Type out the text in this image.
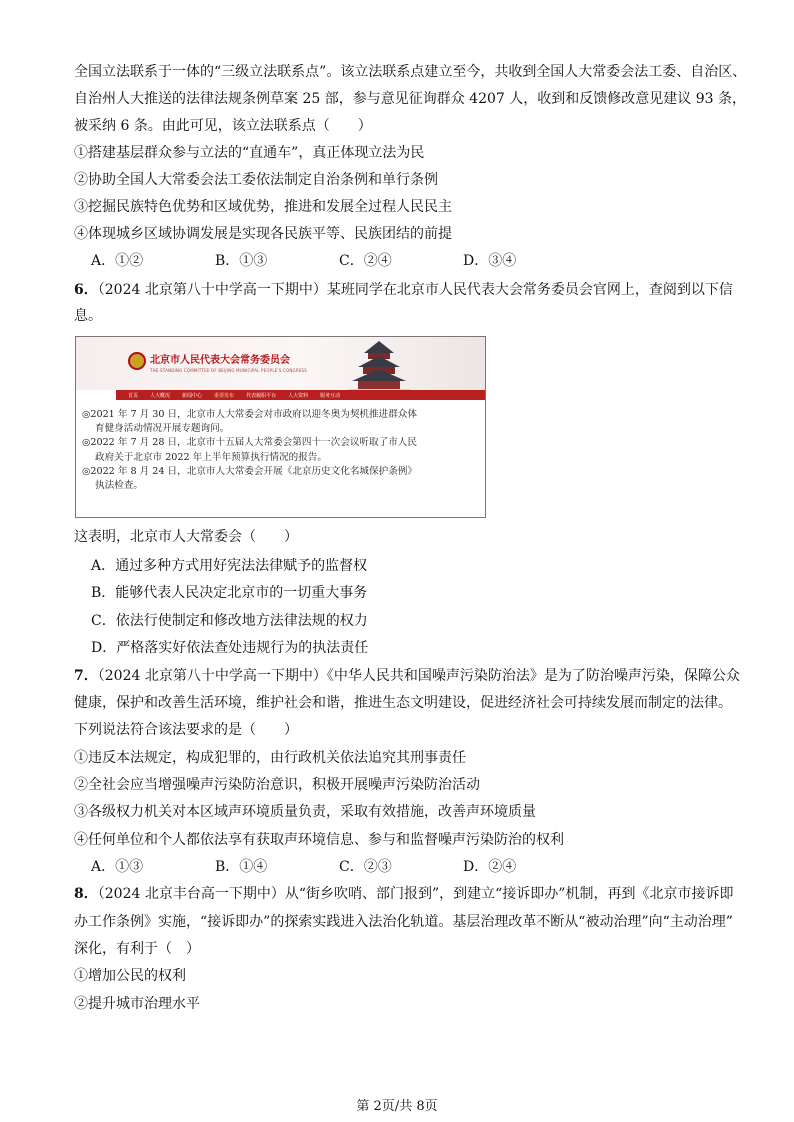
全国立法联系于一体的“三级立法联系点”。该立法联系点建立至今，共收到全国人大常委会法工委、自治区、
自治州人大推送的法律法规条例草案 25 部，参与意见征询群众 4207 人，收到和反馈修改意见建议 93 条，
被采纳 6 条。由此可见，该立法联系点（　　）
①搭建基层群众参与立法的“直通车”，真正体现立法为民
②协助全国人大常委会法工委依法制定自治条例和单行条例
③挖掘民族特色优势和区域优势，推进和发展全过程人民民主
④体现城乡区域协调发展是实现各民族平等、民族团结的前提
A．①②	B．①③	C．②④	D．③④
6．（2024 北京第八十中学高一下期中）某班同学在北京市人民代表大会常务委员会官网上，查阅到以下信
息。
北京市人民代表大会常务委员会
THE STANDING COMMITTEE OF BEIJING MUNICIPAL PEOPLE'S CONGRESS
首页 人大概况 新闻中心 重要发布 代表履职平台 人大资料 服务互动

◎2021 年 7 月 30 日，北京市人大常委会对市政府以迎冬奥为契机推进群众体

育健身活动情况开展专题询问。

◎2022 年 7 月 28 日，北京市十五届人大常委会第四十一次会议听取了市人民

政府关于北京市 2022 年上半年预算执行情况的报告。

◎2022 年 8 月 24 日，北京市人大常委会开展《北京历史文化名城保护条例》

执法检查。

这表明，北京市人大常委会（　　）
A．通过多种方式用好宪法法律赋予的监督权
B．能够代表人民决定北京市的一切重大事务
C．依法行使制定和修改地方法律法规的权力
D．严格落实好依法查处违规行为的执法责任
7．（2024 北京第八十中学高一下期中）《中华人民共和国噪声污染防治法》是为了防治噪声污染，保障公众
健康，保护和改善生活环境，维护社会和谐，推进生态文明建设，促进经济社会可持续发展而制定的法律。
下列说法符合该法要求的是（　　）
①违反本法规定，构成犯罪的，由行政机关依法追究其刑事责任
②全社会应当增强噪声污染防治意识，积极开展噪声污染防治活动
③各级权力机关对本区域声环境质量负责，采取有效措施，改善声环境质量
④任何单位和个人都依法享有获取声环境信息、参与和监督噪声污染防治的权利
A．①③	B．①④	C．②③	D．②④
8．（2024 北京丰台高一下期中）从“街乡吹哨、部门报到”，到建立“接诉即办”机制，再到《北京市接诉即
办工作条例》实施，“接诉即办”的探索实践进入法治化轨道。基层治理改革不断从“被动治理”向“主动治理”
深化，有利于（　）
①增加公民的权利
②提升城市治理水平
第 2页/共 8页
